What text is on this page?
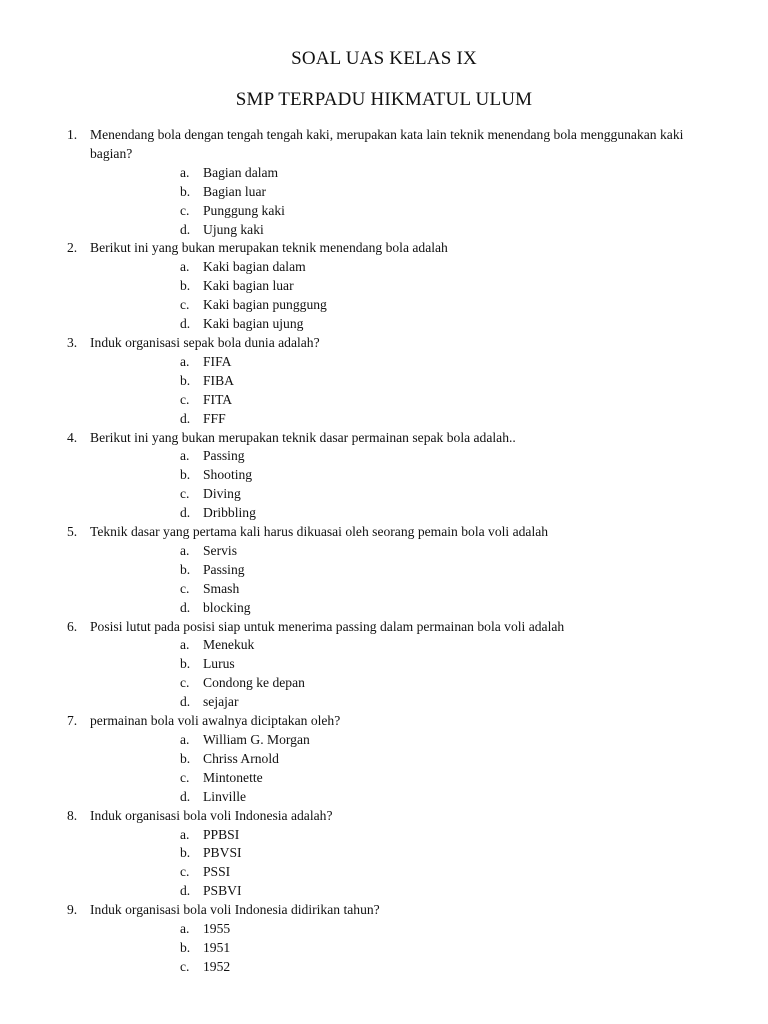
SOAL UAS KELAS IX
SMP TERPADU HIKMATUL ULUM
1. Menendang bola dengan tengah tengah kaki, merupakan kata lain teknik menendang bola menggunakan kaki bagian?
a. Bagian dalam
b. Bagian luar
c. Punggung kaki
d. Ujung kaki
2. Berikut ini yang bukan merupakan teknik menendang bola adalah
a. Kaki bagian dalam
b. Kaki bagian luar
c. Kaki bagian punggung
d. Kaki bagian ujung
3. Induk organisasi sepak bola dunia adalah?
a. FIFA
b. FIBA
c. FITA
d. FFF
4. Berikut ini yang bukan merupakan teknik dasar permainan sepak bola adalah..
a. Passing
b. Shooting
c. Diving
d. Dribbling
5. Teknik dasar yang pertama kali harus dikuasai oleh seorang pemain bola voli adalah
a. Servis
b. Passing
c. Smash
d. blocking
6. Posisi lutut pada posisi siap untuk menerima passing dalam permainan bola voli adalah
a. Menekuk
b. Lurus
c. Condong ke depan
d. sejajar
7. permainan bola voli awalnya diciptakan oleh?
a. William G. Morgan
b. Chriss Arnold
c. Mintonette
d. Linville
8. Induk organisasi bola voli Indonesia adalah?
a. PPBSI
b. PBVSI
c. PSSI
d. PSBVI
9. Induk organisasi bola voli Indonesia didirikan tahun?
a. 1955
b. 1951
c. 1952
